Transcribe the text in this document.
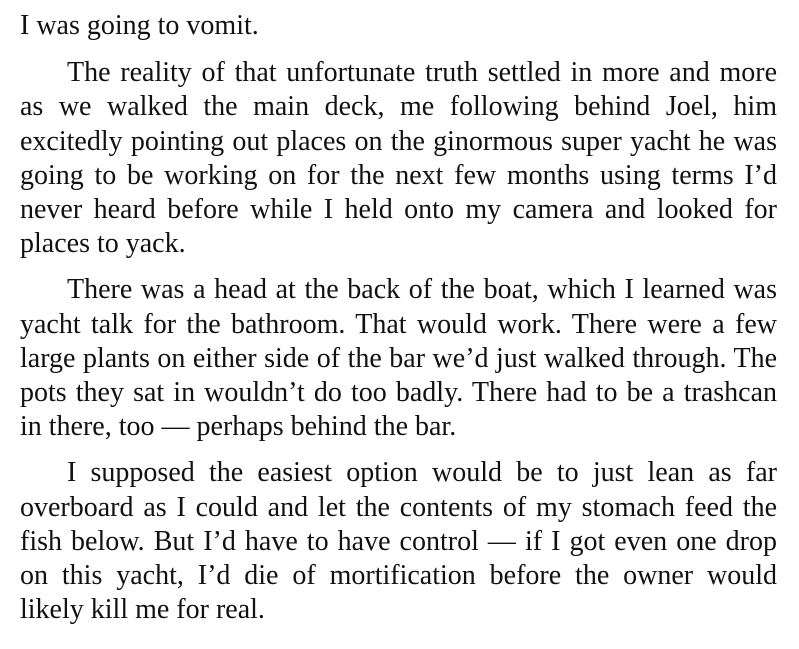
I was going to vomit.

The reality of that unfortunate truth settled in more and more as we walked the main deck, me following behind Joel, him excitedly pointing out places on the ginormous super yacht he was going to be working on for the next few months using terms I’d never heard before while I held onto my camera and looked for places to yack.

There was a head at the back of the boat, which I learned was yacht talk for the bathroom. That would work. There were a few large plants on either side of the bar we’d just walked through. The pots they sat in wouldn’t do too badly. There had to be a trashcan in there, too — perhaps behind the bar.

I supposed the easiest option would be to just lean as far overboard as I could and let the contents of my stomach feed the fish below. But I’d have to have control — if I got even one drop on this yacht, I’d die of mortification before the owner would likely kill me for real.
